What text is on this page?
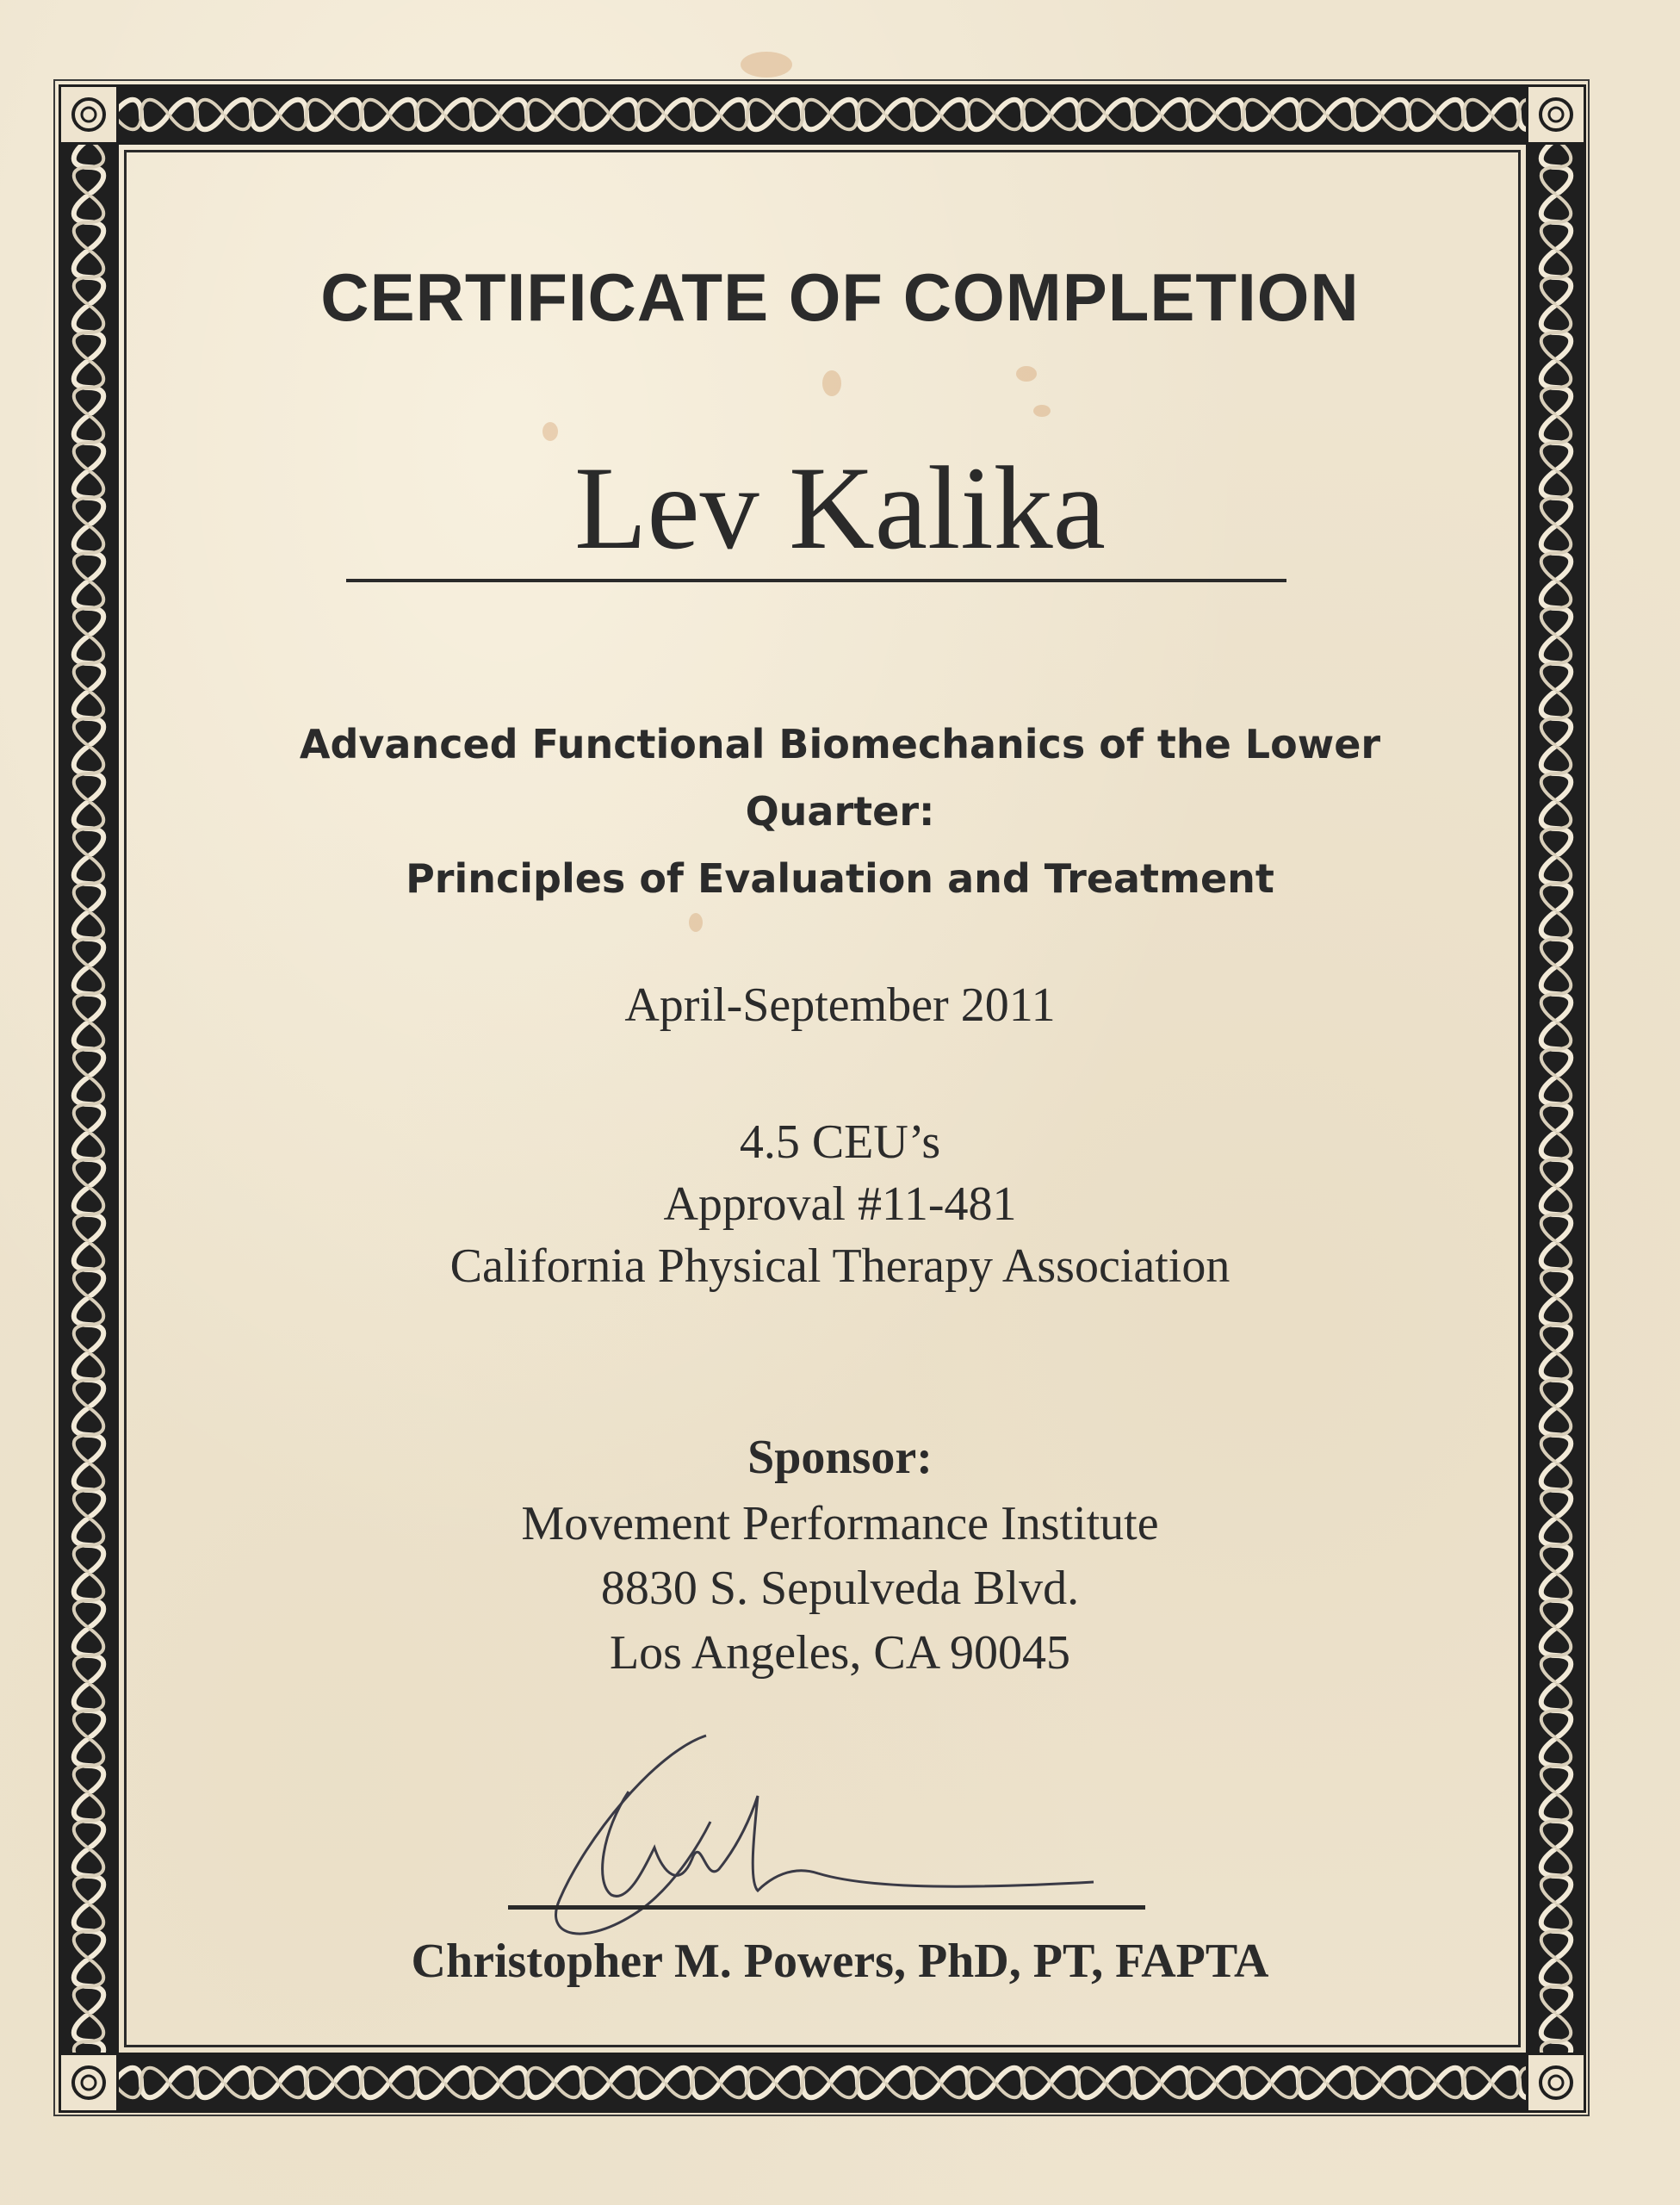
CERTIFICATE OF COMPLETION
Lev Kalika
Advanced Functional Biomechanics of the Lower
Quarter:
Principles of Evaluation and Treatment
April-September 2011
4.5 CEU’s
Approval #11-481
California Physical Therapy Association
Sponsor:
Movement Performance Institute
8830 S. Sepulveda Blvd.
Los Angeles, CA 90045
Christopher M. Powers, PhD, PT, FAPTA
